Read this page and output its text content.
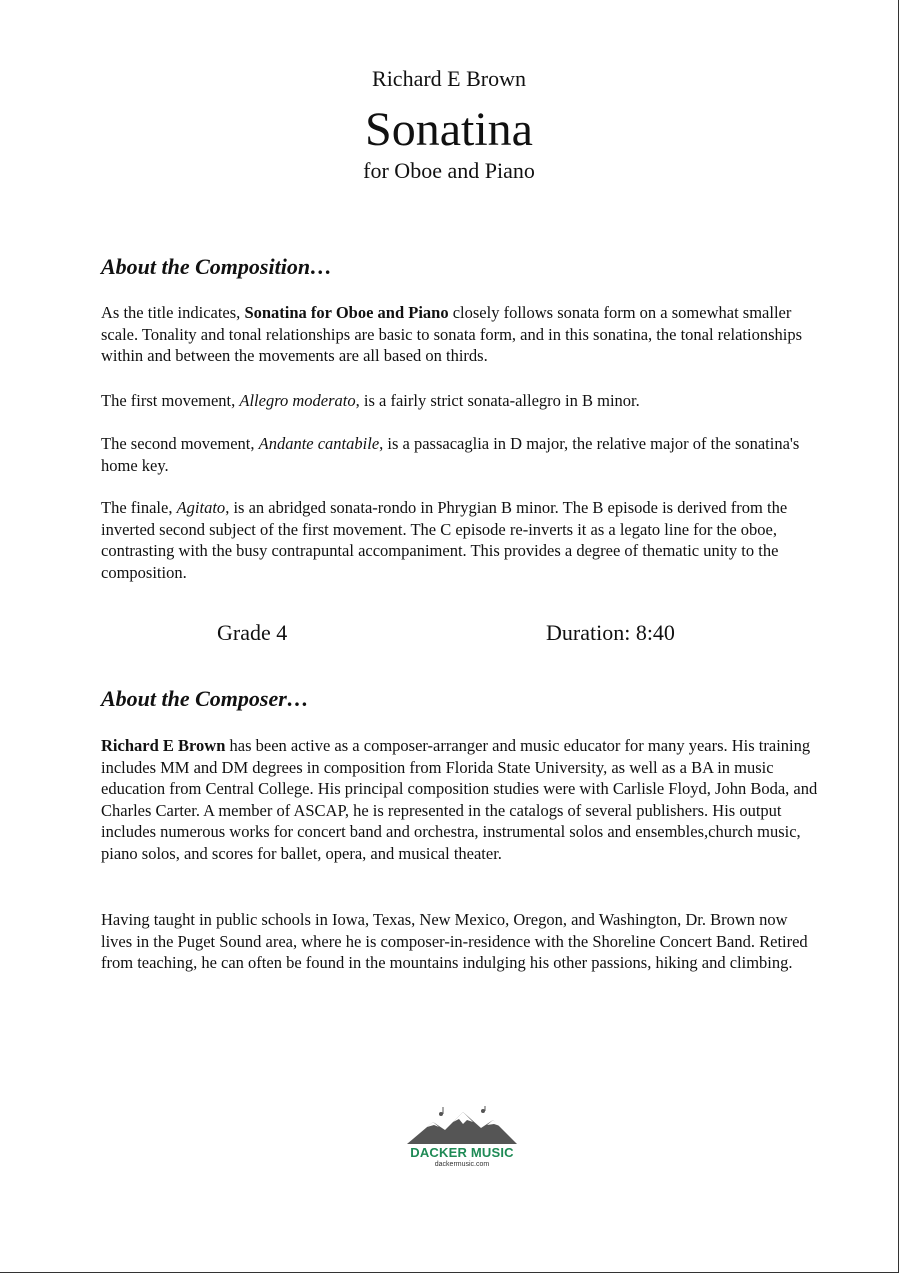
Richard E Brown
Sonatina
for Oboe and Piano
About the Composition…
As the title indicates, Sonatina for Oboe and Piano closely follows sonata form on a somewhat smaller scale. Tonality and tonal relationships are basic to sonata form, and in this sonatina, the tonal relationships within and between the movements are all based on thirds.
The first movement, Allegro moderato, is a fairly strict sonata-allegro in B minor.
The second movement, Andante cantabile, is a passacaglia in D major, the relative major of the sonatina's home key.
The finale, Agitato, is an abridged sonata-rondo in Phrygian B minor. The B episode is derived from the inverted second subject of the first movement. The C episode re-inverts it as a legato line for the oboe, contrasting with the busy contrapuntal accompaniment. This provides a degree of thematic unity to the composition.
Grade 4	Duration: 8:40
About the Composer…
Richard E Brown has been active as a composer-arranger and music educator for many years. His training includes MM and DM degrees in composition from Florida State University, as well as a BA in music education from Central College. His principal composition studies were with Carlisle Floyd, John Boda, and Charles Carter. A member of ASCAP, he is represented in the catalogs of several publishers. His output includes numerous works for concert band and orchestra, instrumental solos and ensembles,church music, piano solos, and scores for ballet, opera, and musical theater.
Having taught in public schools in Iowa, Texas, New Mexico, Oregon, and Washington, Dr. Brown now lives in the Puget Sound area, where he is composer-in-residence with the Shoreline Concert Band. Retired from teaching, he can often be found in the mountains indulging his other passions, hiking and climbing.
DACKER MUSIC
dackermusic.com
